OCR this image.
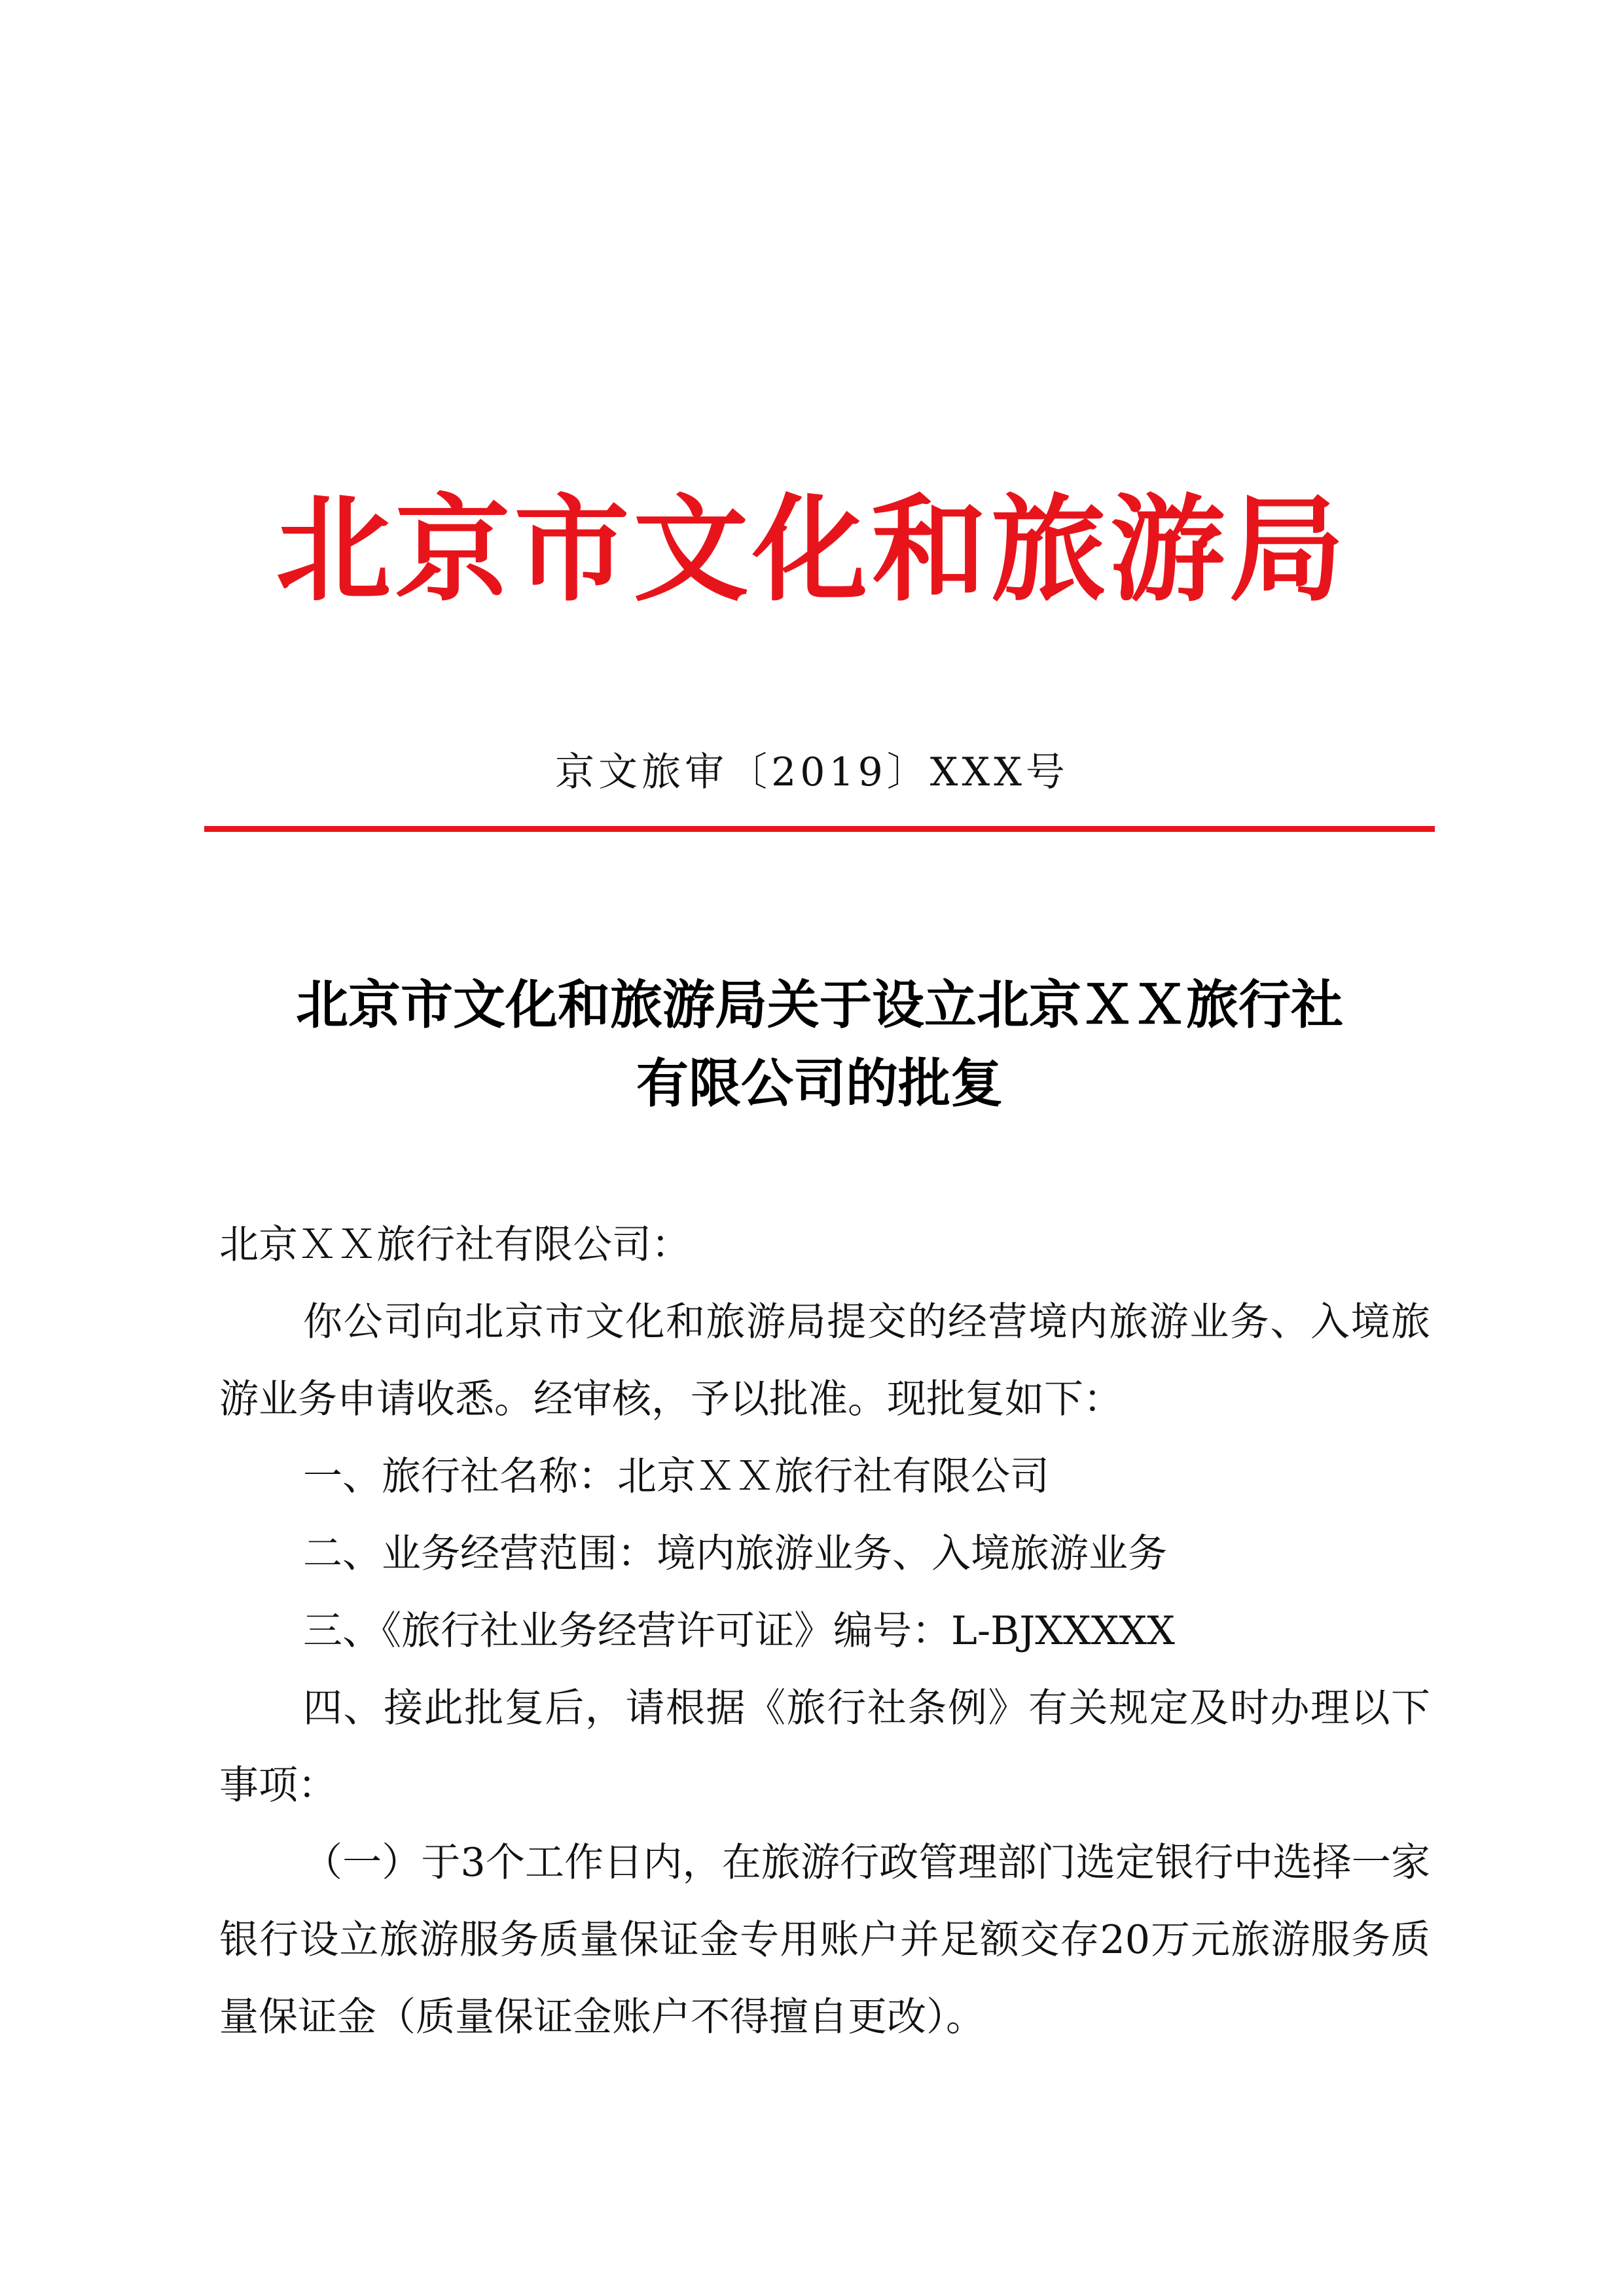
北京市文化和旅游局
京文旅审〔2019〕XXX号
北京市文化和旅游局关于设立北京ＸＸ旅行社
有限公司的批复

北京ＸＸ旅行社有限公司：

你公司向北京市文化和旅游局提交的经营境内旅游业务、入境旅游业务申请收悉。经审核，予以批准。现批复如下：

一、旅行社名称：北京ＸＸ旅行社有限公司

二、业务经营范围：境内旅游业务、入境旅游业务

三、《旅行社业务经营许可证》编号：L-BJXXXXX

四、接此批复后，请根据《旅行社条例》有关规定及时办理以下事项：

（一）于3个工作日内，在旅游行政管理部门选定银行中选择一家银行设立旅游服务质量保证金专用账户并足额交存20万元旅游服务质量保证金（质量保证金账户不得擅自更改）。
